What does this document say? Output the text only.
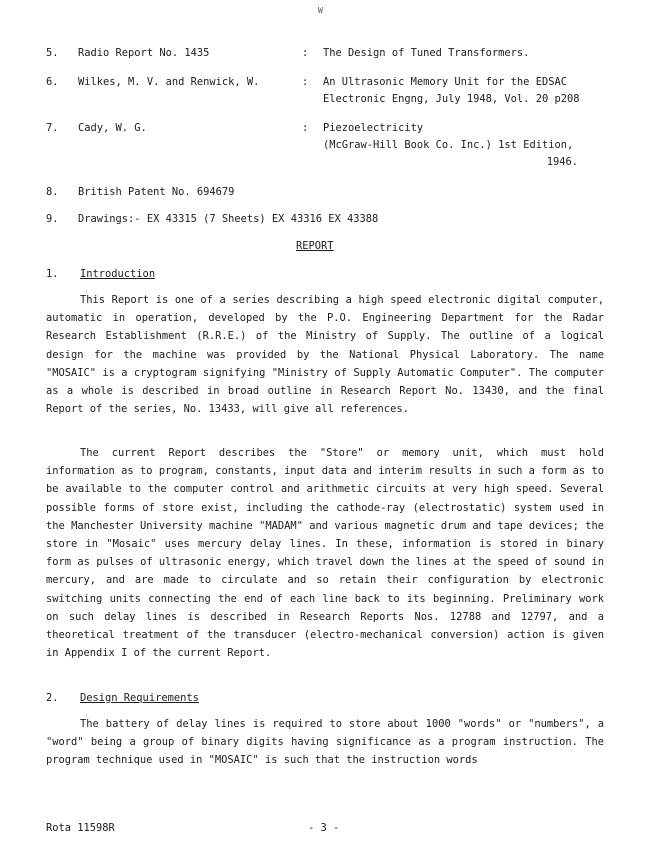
W
5. Radio Report No. 1435	: The Design of Tuned Transformers.
6. Wilkes, M. V. and Renwick, W.	: An Ultrasonic Memory Unit for the EDSAC
Electronic Engng, July 1948, Vol. 20 p208
7. Cady, W. G.	: Piezoelectricity
(McGraw-Hill Book Co. Inc.) 1st Edition,
1946.
8. British Patent No. 694679
9. Drawings:- EX 43315 (7 Sheets) EX 43316 EX 43388
REPORT
1. Introduction

This Report is one of a series describing a high speed electronic digital computer, automatic in operation, developed by the P.O. Engineering Department for the Radar Research Establishment (R.R.E.) of the Ministry of Supply. The outline of a logical design for the machine was provided by the National Physical Laboratory. The name "MOSAIC" is a cryptogram signifying "Ministry of Supply Automatic Computer". The computer as a whole is described in broad outline in Research Report No. 13430, and the final Report of the series, No. 13433, will give all references.

The current Report describes the "Store" or memory unit, which must hold information as to program, constants, input data and interim results in such a form as to be available to the computer control and arithmetic circuits at very high speed. Several possible forms of store exist, including the cathode-ray (electrostatic) system used in the Manchester University machine "MADAM" and various magnetic drum and tape devices; the store in "Mosaic" uses mercury delay lines. In these, information is stored in binary form as pulses of ultrasonic energy, which travel down the lines at the speed of sound in mercury, and are made to circulate and so retain their configuration by electronic switching units connecting the end of each line back to its beginning. Preliminary work on such delay lines is described in Research Reports Nos. 12788 and 12797, and a theoretical treatment of the transducer (electro-mechanical conversion) action is given in Appendix I of the current Report.

2. Design Requirements

The battery of delay lines is required to store about 1000 "words" or "numbers", a "word" being a group of binary digits having significance as a program instruction. The program technique used in "MOSAIC" is such that the instruction words

Rota 11598R	- 3 -
